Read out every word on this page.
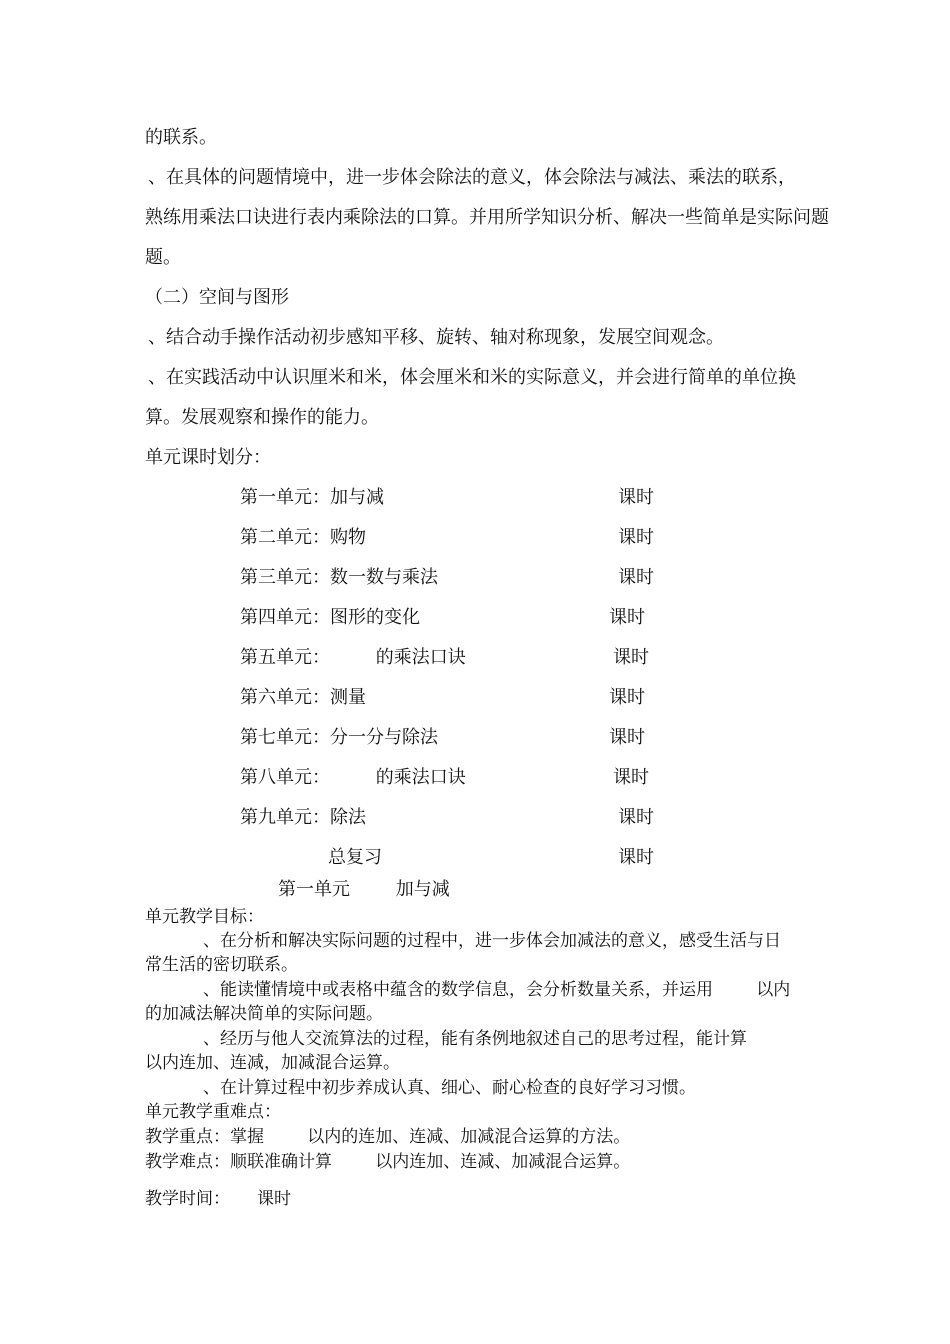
的联系。
、在具体的问题情境中，进一步体会除法的意义，体会除法与减法、乘法的联系，
熟练用乘法口诀进行表内乘除法的口算。并用所学知识分析、解决一些简单是实际问题
题。
（二）空间与图形
、结合动手操作活动初步感知平移、旋转、轴对称现象，发展空间观念。
、在实践活动中认识厘米和米，体会厘米和米的实际意义，并会进行简单的单位换
算。发展观察和操作的能力。
单元课时划分：
第一单元：加与减	课时
第二单元：购物	课时
第三单元：数一数与乘法	课时
第四单元：图形的变化	课时
第五单元：        的乘法口诀	课时
第六单元：测量	课时
第七单元：分一分与除法	课时
第八单元：        的乘法口诀	课时
第九单元：除法	课时
总复习	课时
第一单元        加与减
单元教学目标：
、在分析和解决实际问题的过程中，进一步体会加减法的意义，感受生活与日
常生活的密切联系。
、能读懂情境中或表格中蕴含的数学信息，会分析数量关系，并运用        以内
的加减法解决简单的实际问题。
、经历与他人交流算法的过程，能有条例地叙述自己的思考过程，能计算
以内连加、连减，加减混合运算。
、在计算过程中初步养成认真、细心、耐心检查的良好学习习惯。
单元教学重难点：
教学重点：掌握        以内的连加、连减、加减混合运算的方法。
教学难点：顺联准确计算        以内连加、连减、加减混合运算。
教学时间：     课时
